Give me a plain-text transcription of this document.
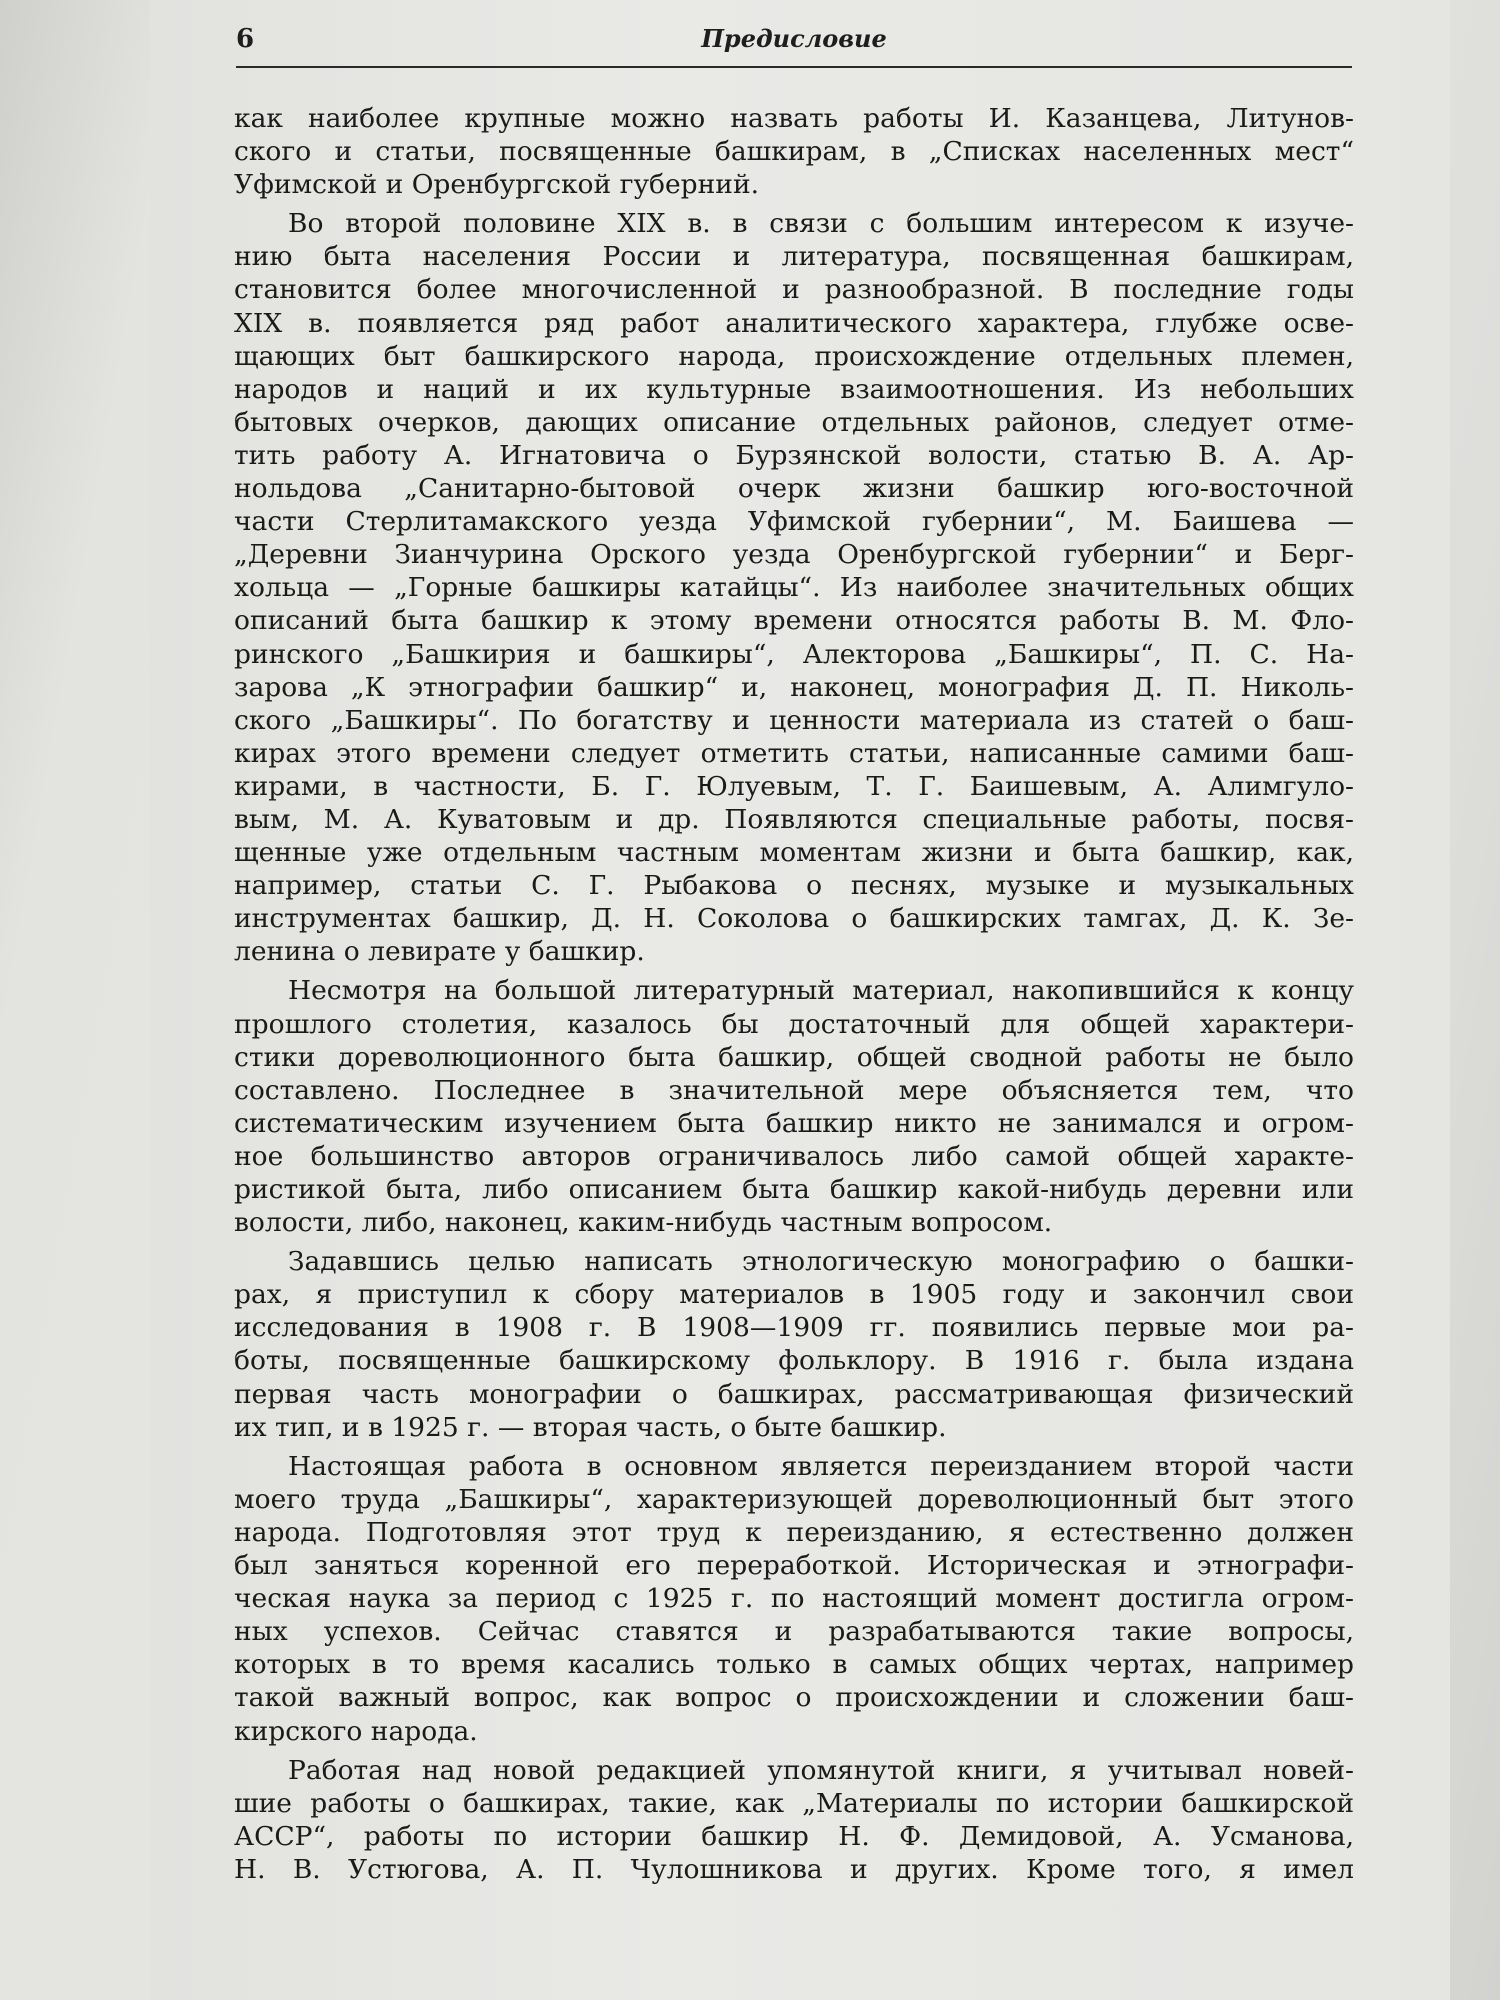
6	Предисловие
как наиболее крупные можно назвать работы И. Казанцева, Литунов-
ского и статьи, посвященные башкирам, в „Списках населенных мест“
Уфимской и Оренбургской губерний.
Во второй половине XIX в. в связи с большим интересом к изуче-
нию быта населения России и литература, посвященная башкирам,
становится более многочисленной и разнообразной. В последние годы
XIX в. появляется ряд работ аналитического характера, глубже осве-
щающих быт башкирского народа, происхождение отдельных племен,
народов и наций и их культурные взаимоотношения. Из небольших
бытовых очерков, дающих описание отдельных районов, следует отме-
тить работу А. Игнатовича о Бурзянской волости, статью В. А. Ар-
нольдова „Санитарно-бытовой очерк жизни башкир юго-восточной
части Стерлитамакского уезда Уфимской губернии“, М. Баишева —
„Деревни Зианчурина Орского уезда Оренбургской губернии“ и Берг-
хольца — „Горные башкиры катайцы“. Из наиболее значительных общих
описаний быта башкир к этому времени относятся работы В. М. Фло-
ринского „Башкирия и башкиры“, Алекторова „Башкиры“, П. С. На-
зарова „К этнографии башкир“ и, наконец, монография Д. П. Николь-
ского „Башкиры“. По богатству и ценности материала из статей о баш-
кирах этого времени следует отметить статьи, написанные самими баш-
кирами, в частности, Б. Г. Юлуевым, Т. Г. Баишевым, А. Алимгуло-
вым, М. А. Куватовым и др. Появляются специальные работы, посвя-
щенные уже отдельным частным моментам жизни и быта башкир, как,
например, статьи С. Г. Рыбакова о песнях, музыке и музыкальных
инструментах башкир, Д. Н. Соколова о башкирских тамгах, Д. К. Зе-
ленина о левирате у башкир.
Несмотря на большой литературный материал, накопившийся к концу
прошлого столетия, казалось бы достаточный для общей характери-
стики дореволюционного быта башкир, общей сводной работы не было
составлено. Последнее в значительной мере объясняется тем, что
систематическим изучением быта башкир никто не занимался и огром-
ное большинство авторов ограничивалось либо самой общей характе-
ристикой быта, либо описанием быта башкир какой-нибудь деревни или
волости, либо, наконец, каким-нибудь частным вопросом.
Задавшись целью написать этнологическую монографию о башки-
рах, я приступил к сбору материалов в 1905 году и закончил свои
исследования в 1908 г. В 1908—1909 гг. появились первые мои ра-
боты, посвященные башкирскому фольклору. В 1916 г. была издана
первая часть монографии о башкирах, рассматривающая физический
их тип, и в 1925 г. — вторая часть, о быте башкир.
Настоящая работа в основном является переизданием второй части
моего труда „Башкиры“, характеризующей дореволюционный быт этого
народа. Подготовляя этот труд к переизданию, я естественно должен
был заняться коренной его переработкой. Историческая и этнографи-
ческая наука за период с 1925 г. по настоящий момент достигла огром-
ных успехов. Сейчас ставятся и разрабатываются такие вопросы,
которых в то время касались только в самых общих чертах, например
такой важный вопрос, как вопрос о происхождении и сложении баш-
кирского народа.
Работая над новой редакцией упомянутой книги, я учитывал новей-
шие работы о башкирах, такие, как „Материалы по истории башкирской
АССР“, работы по истории башкир Н. Ф. Демидовой, А. Усманова,
Н. В. Устюгова, А. П. Чулошникова и других. Кроме того, я имел
